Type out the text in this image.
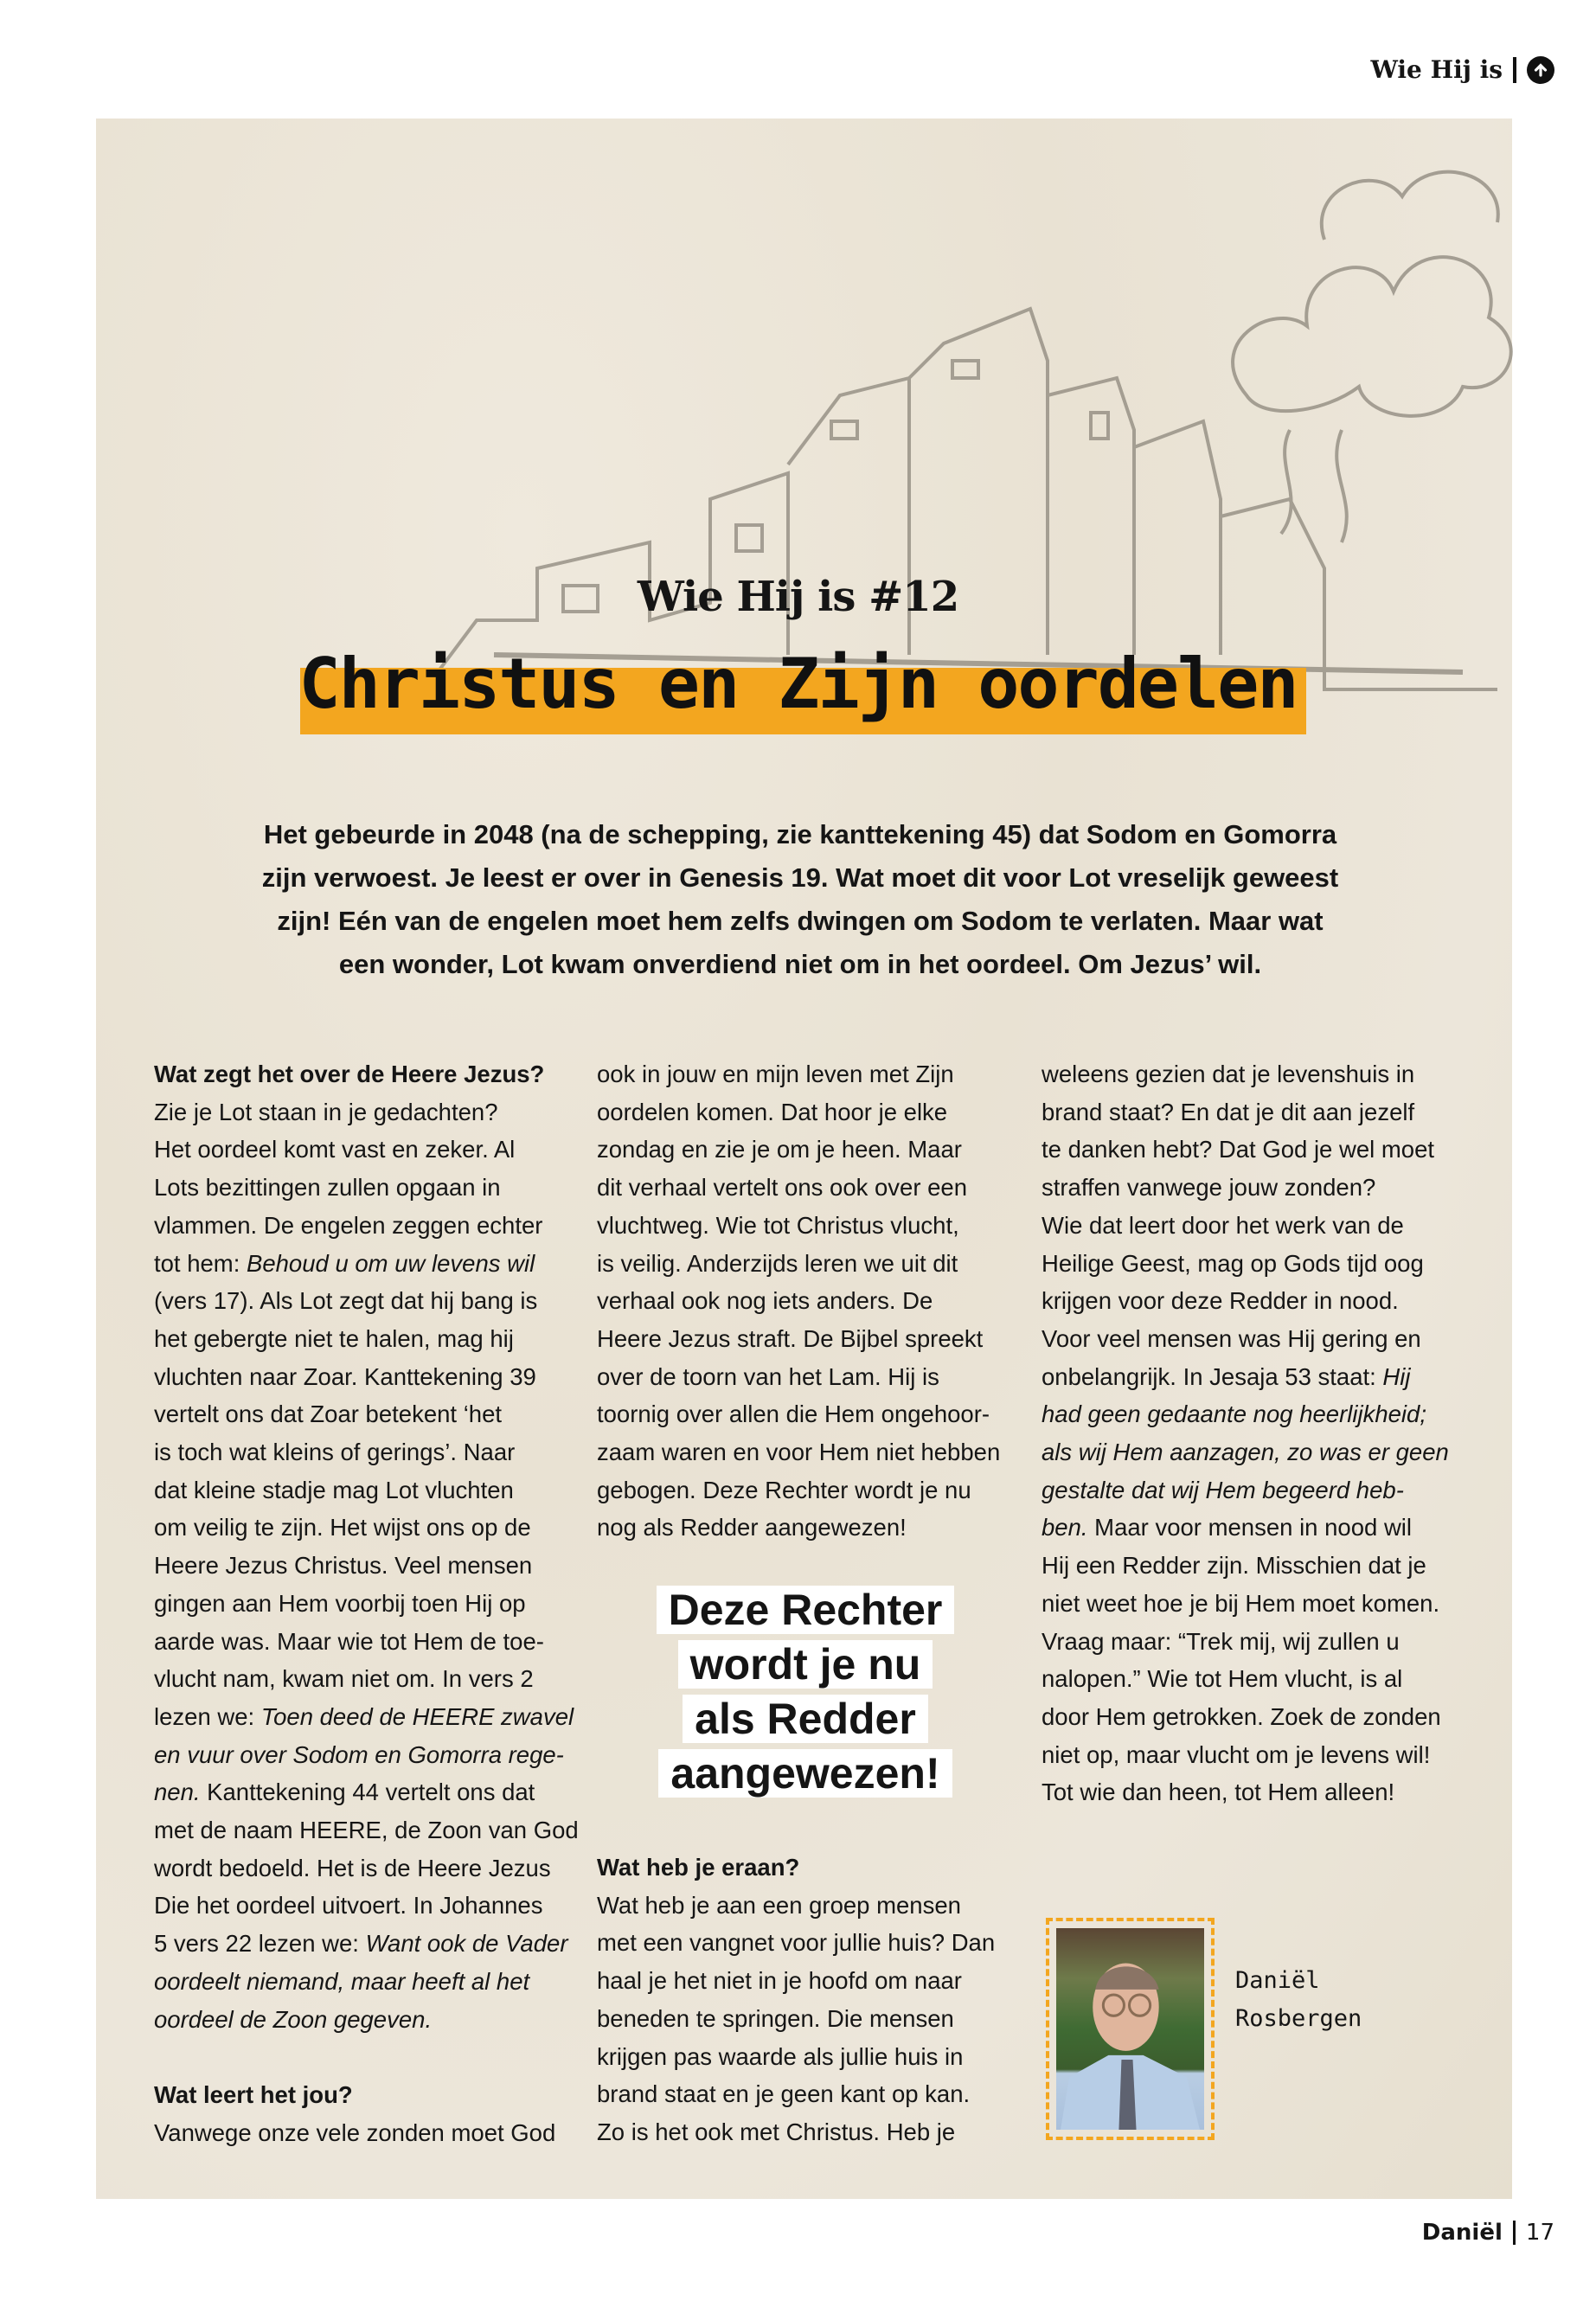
Wie Hij is
Wie Hij is #12
Christus en Zijn oordelen
Het gebeurde in 2048 (na de schepping, zie kanttekening 45) dat Sodom en Gomorra
zijn verwoest. Je leest er over in Genesis 19. Wat moet dit voor Lot vreselijk geweest
zijn! Eén van de engelen moet hem zelfs dwingen om Sodom te verlaten. Maar wat
een wonder, Lot kwam onverdiend niet om in het oordeel. Om Jezus’ wil.
Wat zegt het over de Heere Jezus?
Zie je Lot staan in je gedachten?
Het oordeel komt vast en zeker. Al
Lots bezittingen zullen opgaan in
vlammen. De engelen zeggen echter
tot hem: Behoud u om uw levens wil
(vers 17). Als Lot zegt dat hij bang is
het gebergte niet te halen, mag hij
vluchten naar Zoar. Kanttekening 39
vertelt ons dat Zoar betekent ‘het
is toch wat kleins of gerings’. Naar
dat kleine stadje mag Lot vluchten
om veilig te zijn. Het wijst ons op de
Heere Jezus Christus. Veel mensen
gingen aan Hem voorbij toen Hij op
aarde was. Maar wie tot Hem de toe-
vlucht nam, kwam niet om. In vers 2
lezen we: Toen deed de HEERE zwavel
en vuur over Sodom en Gomorra rege-
nen. Kanttekening 44 vertelt ons dat
met de naam HEERE, de Zoon van God
wordt bedoeld. Het is de Heere Jezus
Die het oordeel uitvoert. In Johannes
5 vers 22 lezen we: Want ook de Vader
oordeelt niemand, maar heeft al het
oordeel de Zoon gegeven.

Wat leert het jou?
Vanwege onze vele zonden moet God
ook in jouw en mijn leven met Zijn
oordelen komen. Dat hoor je elke
zondag en zie je om je heen. Maar
dit verhaal vertelt ons ook over een
vluchtweg. Wie tot Christus vlucht,
is veilig. Anderzijds leren we uit dit
verhaal ook nog iets anders. De
Heere Jezus straft. De Bijbel spreekt
over de toorn van het Lam. Hij is
toornig over allen die Hem ongehoor-
zaam waren en voor Hem niet hebben
gebogen. Deze Rechter wordt je nu
nog als Redder aangewezen!
Wat heb je eraan?
Wat heb je aan een groep mensen
met een vangnet voor jullie huis? Dan
haal je het niet in je hoofd om naar
beneden te springen. Die mensen
krijgen pas waarde als jullie huis in
brand staat en je geen kant op kan.
Zo is het ook met Christus. Heb je
weleens gezien dat je levenshuis in
brand staat? En dat je dit aan jezelf
te danken hebt? Dat God je wel moet
straffen vanwege jouw zonden?
Wie dat leert door het werk van de
Heilige Geest, mag op Gods tijd oog
krijgen voor deze Redder in nood.
Voor veel mensen was Hij gering en
onbelangrijk. In Jesaja 53 staat: Hij
had geen gedaante nog heerlijkheid;
als wij Hem aanzagen, zo was er geen
gestalte dat wij Hem begeerd heb-
ben. Maar voor mensen in nood wil
Hij een Redder zijn. Misschien dat je
niet weet hoe je bij Hem moet komen.
Vraag maar: “Trek mij, wij zullen u
nalopen.” Wie tot Hem vlucht, is al
door Hem getrokken. Zoek de zonden
niet op, maar vlucht om je levens wil!
Tot wie dan heen, tot Hem alleen!
Deze Rechter
wordt je nu
als Redder
aangewezen!
Daniël
Rosbergen
Daniël 17
